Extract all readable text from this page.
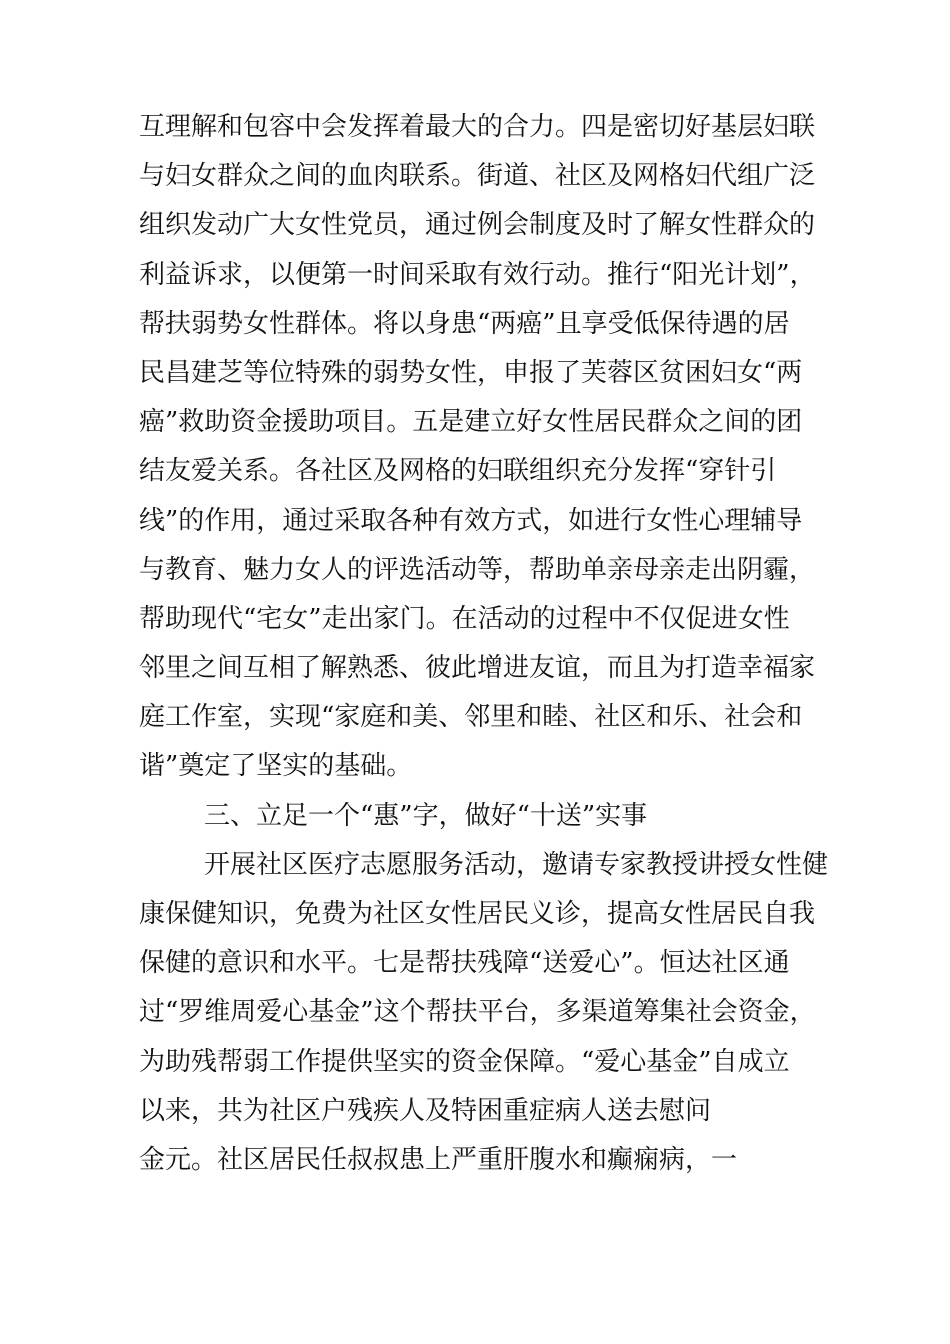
互理解和包容中会发挥着最大的合力。四是密切好基层妇联
与妇女群众之间的血肉联系。街道、社区及网格妇代组广泛
组织发动广大女性党员，通过例会制度及时了解女性群众的
利益诉求，以便第一时间采取有效行动。推行“阳光计划”，
帮扶弱势女性群体。将以身患“两癌”且享受低保待遇的居
民昌建芝等位特殊的弱势女性，申报了芙蓉区贫困妇女“两
癌”救助资金援助项目。五是建立好女性居民群众之间的团
结友爱关系。各社区及网格的妇联组织充分发挥“穿针引
线”的作用，通过采取各种有效方式，如进行女性心理辅导
与教育、魅力女人的评选活动等，帮助单亲母亲走出阴霾，
帮助现代“宅女”走出家门。在活动的过程中不仅促进女性
邻里之间互相了解熟悉、彼此增进友谊，而且为打造幸福家
庭工作室，实现“家庭和美、邻里和睦、社区和乐、社会和
谐”奠定了坚实的基础。
三、立足一个“惠”字，做好“十送”实事
开展社区医疗志愿服务活动，邀请专家教授讲授女性健
康保健知识，免费为社区女性居民义诊，提高女性居民自我
保健的意识和水平。七是帮扶残障“送爱心”。恒达社区通
过“罗维周爱心基金”这个帮扶平台，多渠道筹集社会资金，
为助残帮弱工作提供坚实的资金保障。“爱心基金”自成立
以来，共为社区户残疾人及特困重症病人送去慰问
金元。社区居民任叔叔患上严重肝腹水和癫痫病，一
